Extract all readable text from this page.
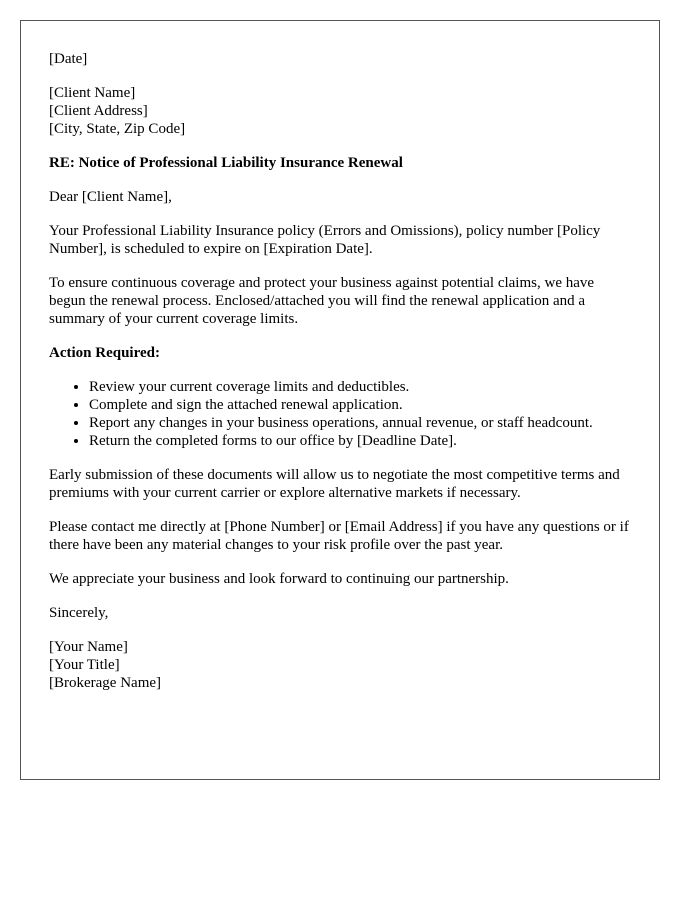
[Date]

[Client Name]
[Client Address]
[City, State, Zip Code]

RE: Notice of Professional Liability Insurance Renewal

Dear [Client Name],

Your Professional Liability Insurance policy (Errors and Omissions), policy number [Policy Number], is scheduled to expire on [Expiration Date].

To ensure continuous coverage and protect your business against potential claims, we have begun the renewal process. Enclosed/attached you will find the renewal application and a summary of your current coverage limits.

Action Required:

• Review your current coverage limits and deductibles.
• Complete and sign the attached renewal application.
• Report any changes in your business operations, annual revenue, or staff headcount.
• Return the completed forms to our office by [Deadline Date].

Early submission of these documents will allow us to negotiate the most competitive terms and premiums with your current carrier or explore alternative markets if necessary.

Please contact me directly at [Phone Number] or [Email Address] if you have any questions or if there have been any material changes to your risk profile over the past year.

We appreciate your business and look forward to continuing our partnership.

Sincerely,

[Your Name]
[Your Title]
[Brokerage Name]
